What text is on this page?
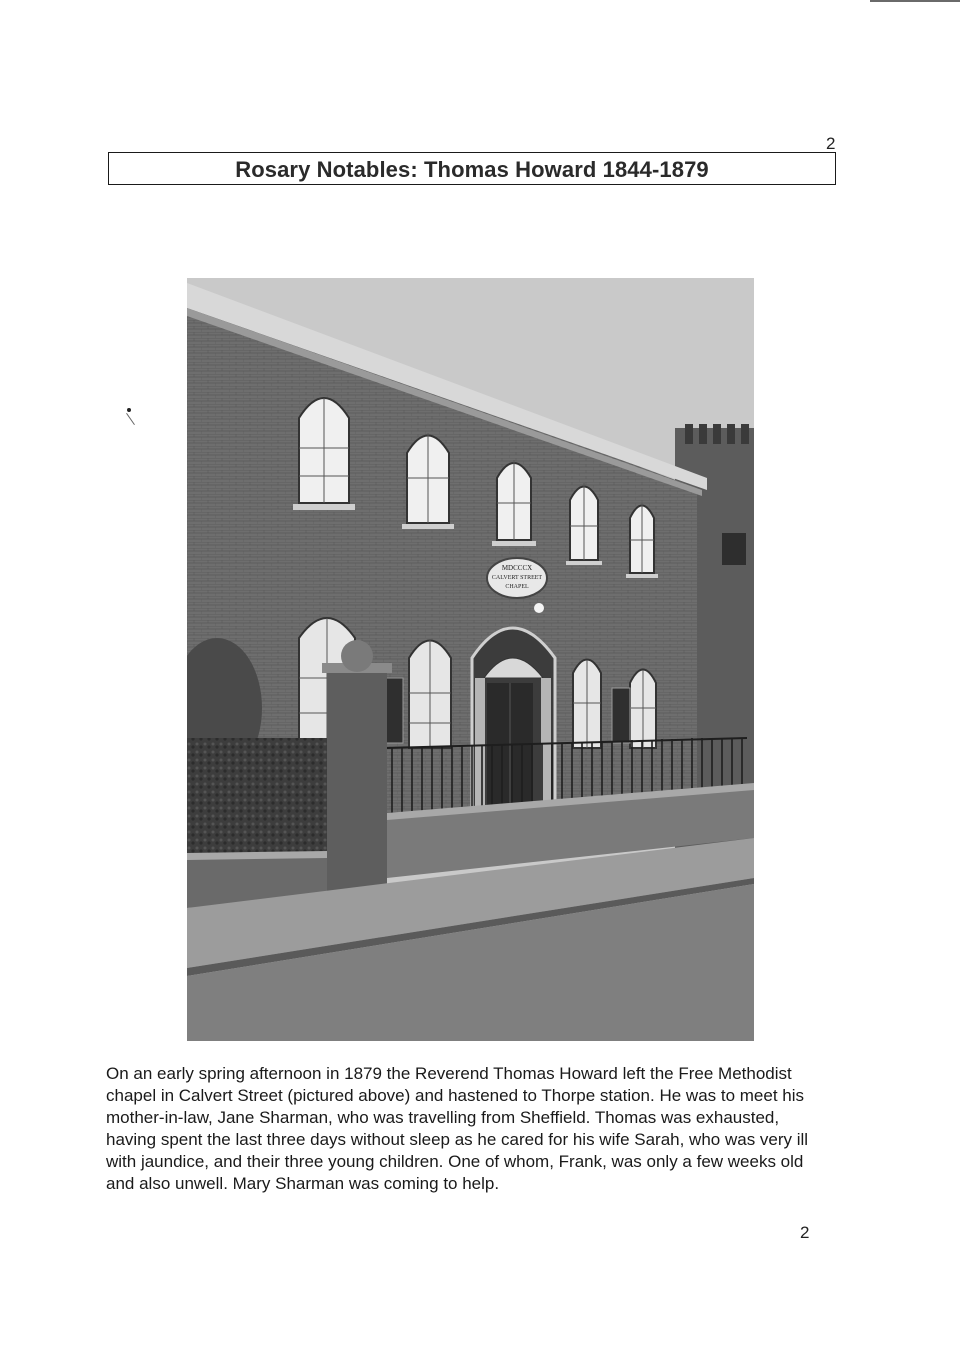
2
Rosary Notables: Thomas Howard 1844-1879
MDCCCX
CALVERT STREET
CHAPEL

On an early spring afternoon in 1879 the Reverend Thomas Howard left the Free Methodist chapel in Calvert Street (pictured above) and hastened to Thorpe station. He was to meet his mother-in-law, Jane Sharman, who was travelling from Sheffield. Thomas was exhausted, having spent the last three days without sleep as he cared for his wife Sarah, who was very ill with jaundice, and their three young children. One of whom, Frank, was only a few weeks old and also unwell. Mary Sharman was coming to help.

2
